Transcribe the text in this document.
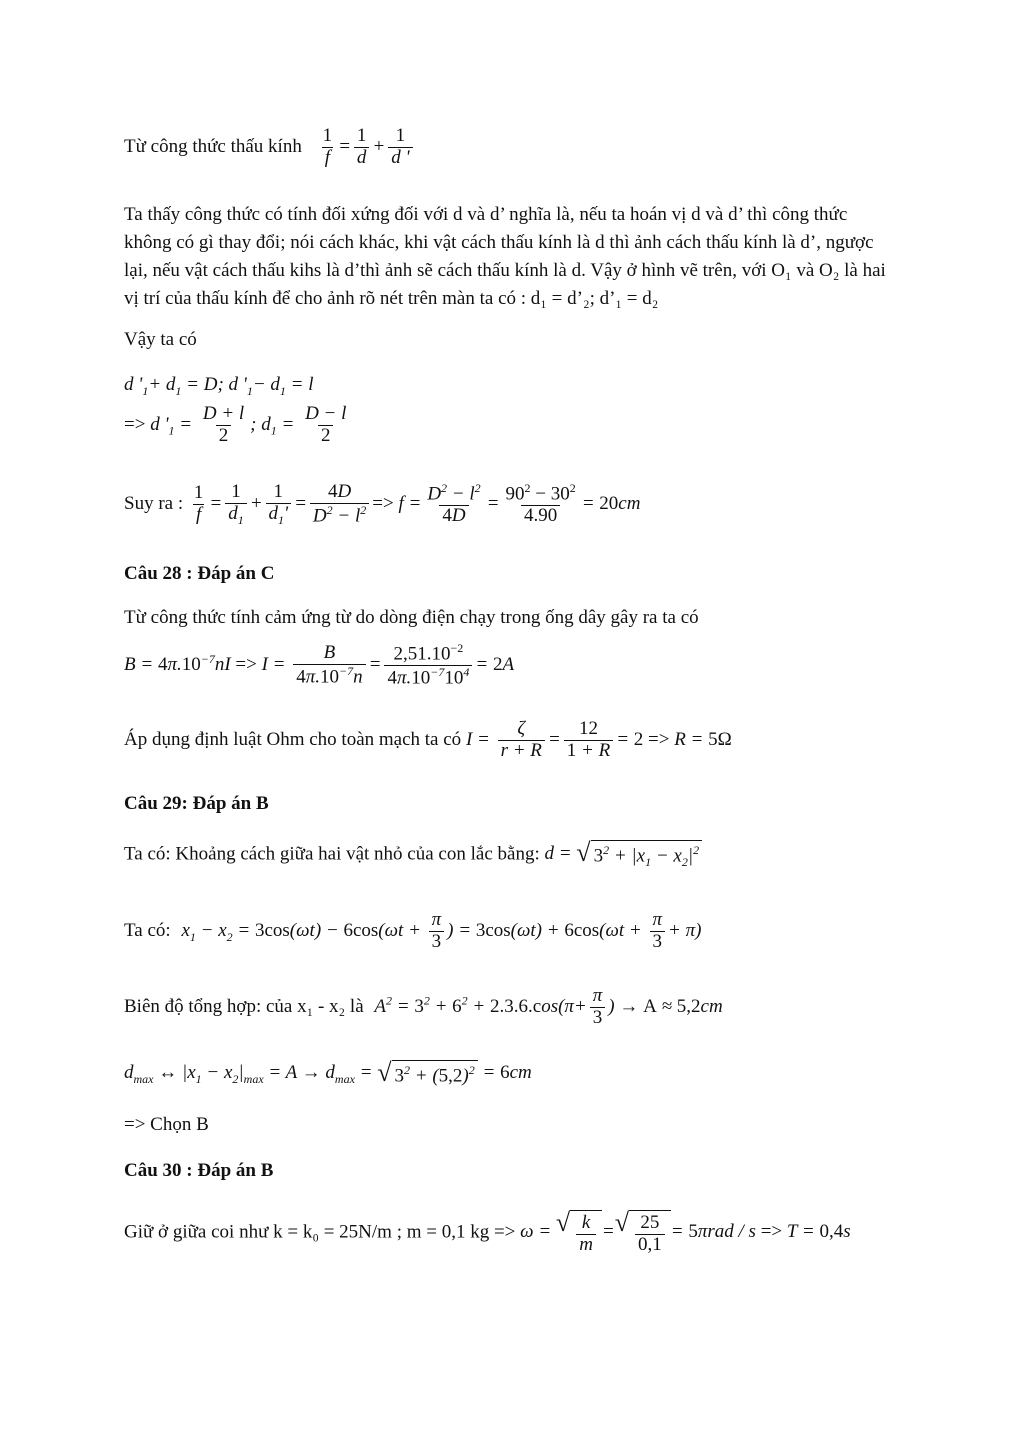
Từ công thức thấu kính $\frac{1}{f} = \frac{1}{d} + \frac{1}{d '}$
Ta thấy công thức có tính đối xứng đối với d và d’ nghĩa là, nếu ta hoán vị d và d’ thì công thức không có gì thay đổi; nói cách khác, khi vật cách thấu kính là d thì ảnh cách thấu kính là d’, ngược lại, nếu vật cách thấu kihs là d’thì ảnh sẽ cách thấu kính là d. Vậy ở hình vẽ trên, với O₁ và O₂ là hai vị trí của thấu kính để cho ảnh rõ nét trên màn ta có : d₁ = d’₂; d’₁ = d₂
Vậy ta có
d '$_1+ d_1 = D$; d '$_1- d_1 = l$
=> d '$_1 = \frac{D + l}{2}$ ; $d_1 = \frac{D - l}{2}$
Suy ra : $\frac{1}{f} = \frac{1}{d_1} + \frac{1}{d_1'} = \frac{4D}{D^2 - l^2} => f = \frac{D^2 - l^2}{4D} = \frac{90^2 - 30^2}{4.90} = 20cm$
Câu 28 : Đáp án C
Từ công thức tính cảm ứng từ do dòng điện chạy trong ống dây gây ra ta có
$B = 4\pi.10^{-7}nI => I = \frac{B}{4\pi.10^{-7}n} = \frac{2,51.10^{-2}}{4\pi.10^{-7}10^4} = 2A$
Áp dụng định luật Ohm cho toàn mạch ta có $I = \frac{\zeta}{r + R} = \frac{12}{1 + R} = 2 => R = 5\Omega$
Câu 29: Đáp án B
Ta có: Khoảng cách giữa hai vật nhỏ của con lắc bằng: d = √ $3^2 + |x_1 - x_2|^2$
Ta có: $x_1 - x_2 = 3\cos(\omega t) - 6\cos(\omega t + \frac{\pi}{3}$ ) = $3\cos(\omega t) + 6\cos(\omega t + \frac{\pi}{3} + \pi)$
Biên độ tổng hợp: của x₁ - x₂ là $A^2 = 3^2 + 6^2 + 2.3.6.\cos(\pi+ \frac{\pi}{3}$ ) → A ≈ 5,2cm
$d_{max}$ ↔ $|x_1 - x_2|_{max} = A \to d_{max}$ = √ $3^2 + (5,2)^2 = 6cm$
=> Chọn B
Câu 30 : Đáp án B
Giữ ở giữa coi như k = k₀ = 25N/m ; m = 0,1 kg => ω = √ $\frac{k}{m}$ = √ $\frac{25}{0,1} = 5\pi rad / s => T = 0,4s$
